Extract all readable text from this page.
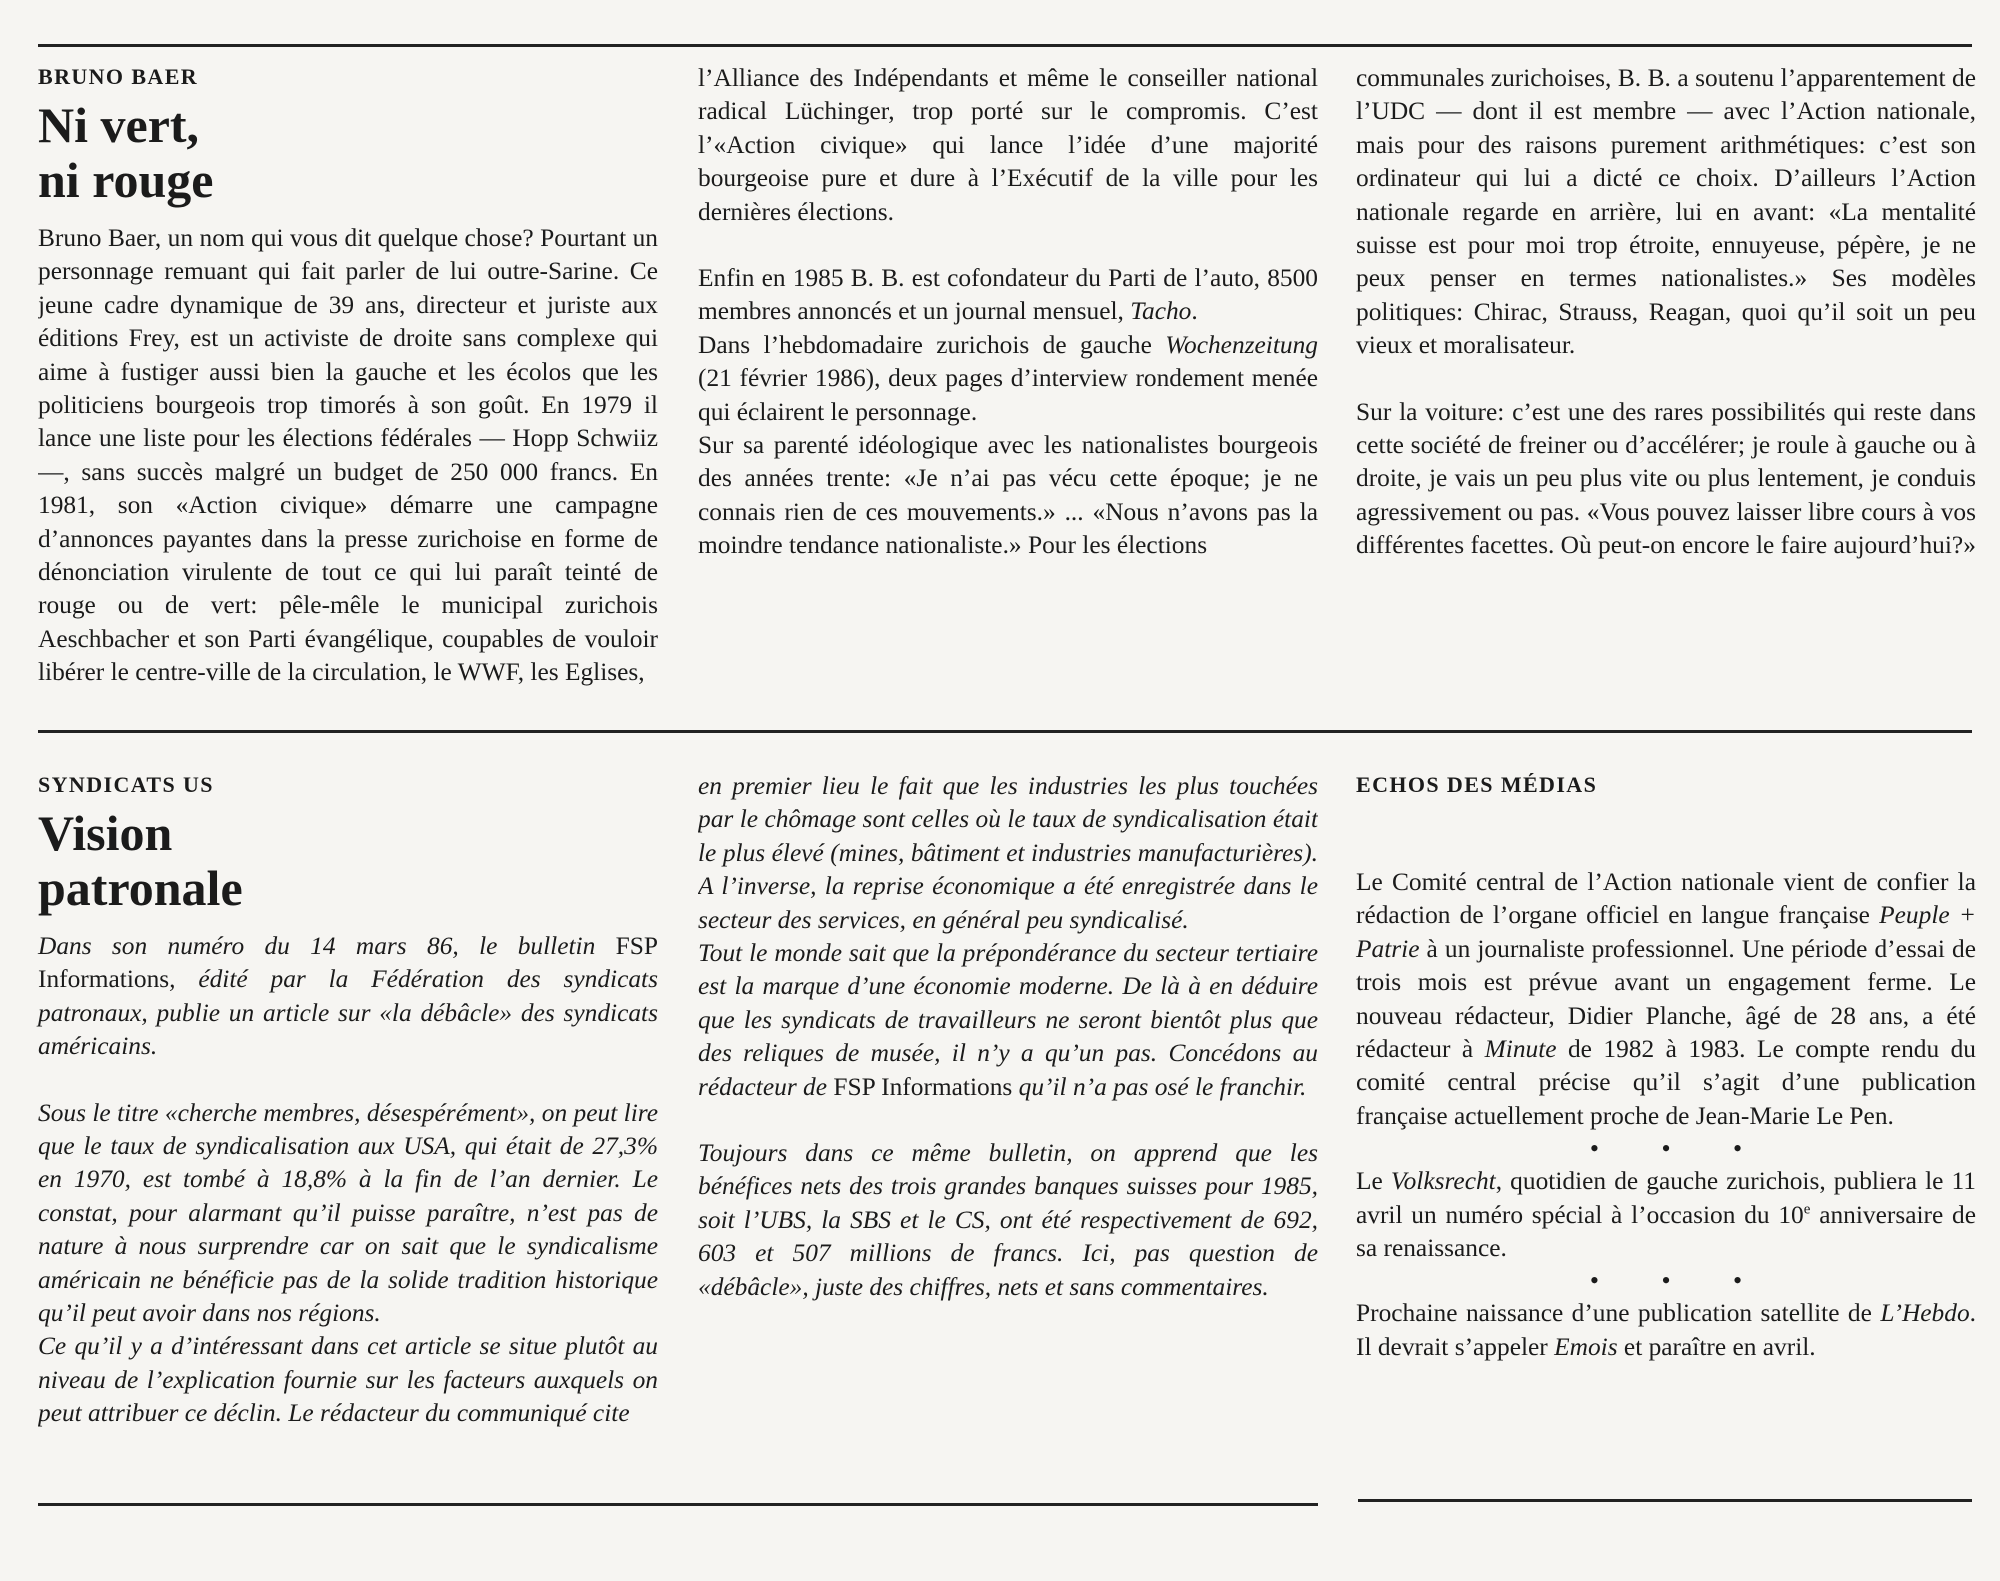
BRUNO BAER

Ni vert,
ni rouge

Bruno Baer, un nom qui vous dit quelque chose? Pourtant un personnage remuant qui fait parler de lui outre-Sarine. Ce jeune cadre dynamique de 39 ans, directeur et juriste aux éditions Frey, est un activiste de droite sans complexe qui aime à fustiger aussi bien la gauche et les écolos que les politiciens bourgeois trop timorés à son goût. En 1979 il lance une liste pour les élections fédérales — Hopp Schwiiz —, sans succès malgré un budget de 250 000 francs. En 1981, son «Action civique» démarre une campagne d’annonces payantes dans la presse zurichoise en forme de dénonciation virulente de tout ce qui lui paraît teinté de rouge ou de vert: pêle-mêle le municipal zurichois Aeschbacher et son Parti évangélique, coupables de vouloir libérer le centre-ville de la circulation, le WWF, les Eglises,

l’Alliance des Indépendants et même le conseiller national radical Lüchinger, trop porté sur le compromis. C’est l’«Action civique» qui lance l’idée d’une majorité bourgeoise pure et dure à l’Exécutif de la ville pour les dernières élections.

Enfin en 1985 B. B. est cofondateur du Parti de l’auto, 8500 membres annoncés et un journal mensuel, Tacho.

Dans l’hebdomadaire zurichois de gauche Wochenzeitung (21 février 1986), deux pages d’interview rondement menée qui éclairent le personnage.

Sur sa parenté idéologique avec les nationalistes bourgeois des années trente: «Je n’ai pas vécu cette époque; je ne connais rien de ces mouvements.» ... «Nous n’avons pas la moindre tendance nationaliste.» Pour les élections

communales zurichoises, B. B. a soutenu l’apparentement de l’UDC — dont il est membre — avec l’Action nationale, mais pour des raisons purement arithmétiques: c’est son ordinateur qui lui a dicté ce choix. D’ailleurs l’Action nationale regarde en arrière, lui en avant: «La mentalité suisse est pour moi trop étroite, ennuyeuse, pépère, je ne peux penser en termes nationalistes.» Ses modèles politiques: Chirac, Strauss, Reagan, quoi qu’il soit un peu vieux et moralisateur.

Sur la voiture: c’est une des rares possibilités qui reste dans cette société de freiner ou d’accélérer; je roule à gauche ou à droite, je vais un peu plus vite ou plus lentement, je conduis agressivement ou pas. «Vous pouvez laisser libre cours à vos différentes facettes. Où peut-on encore le faire aujourd’hui?»

SYNDICATS US

Vision
patronale

Dans son numéro du 14 mars 86, le bulletin FSP Informations, édité par la Fédération des syndicats patronaux, publie un article sur «la débâcle» des syndicats américains.

Sous le titre «cherche membres, désespérément», on peut lire que le taux de syndicalisation aux USA, qui était de 27,3% en 1970, est tombé à 18,8% à la fin de l’an dernier. Le constat, pour alarmant qu’il puisse paraître, n’est pas de nature à nous surprendre car on sait que le syndicalisme américain ne bénéficie pas de la solide tradition historique qu’il peut avoir dans nos régions.

Ce qu’il y a d’intéressant dans cet article se situe plutôt au niveau de l’explication fournie sur les facteurs auxquels on peut attribuer ce déclin. Le rédacteur du communiqué cite

en premier lieu le fait que les industries les plus touchées par le chômage sont celles où le taux de syndicalisation était le plus élevé (mines, bâtiment et industries manufacturières). A l’inverse, la reprise économique a été enregistrée dans le secteur des services, en général peu syndicalisé.

Tout le monde sait que la prépondérance du secteur tertiaire est la marque d’une économie moderne. De là à en déduire que les syndicats de travailleurs ne seront bientôt plus que des reliques de musée, il n’y a qu’un pas. Concédons au rédacteur de FSP Informations qu’il n’a pas osé le franchir.

Toujours dans ce même bulletin, on apprend que les bénéfices nets des trois grandes banques suisses pour 1985, soit l’UBS, la SBS et le CS, ont été respectivement de 692, 603 et 507 millions de francs. Ici, pas question de «débâcle», juste des chiffres, nets et sans commentaires.

ECHOS DES MÉDIAS

Le Comité central de l’Action nationale vient de confier la rédaction de l’organe officiel en langue française Peuple + Patrie à un journaliste professionnel. Une période d’essai de trois mois est prévue avant un engagement ferme. Le nouveau rédacteur, Didier Planche, âgé de 28 ans, a été rédacteur à Minute de 1982 à 1983. Le compte rendu du comité central précise qu’il s’agit d’une publication française actuellement proche de Jean-Marie Le Pen.

• • •

Le Volksrecht, quotidien de gauche zurichois, publiera le 11 avril un numéro spécial à l’occasion du 10e anniversaire de sa renaissance.

• • •

Prochaine naissance d’une publication satellite de L’Hebdo. Il devrait s’appeler Emois et paraître en avril.
